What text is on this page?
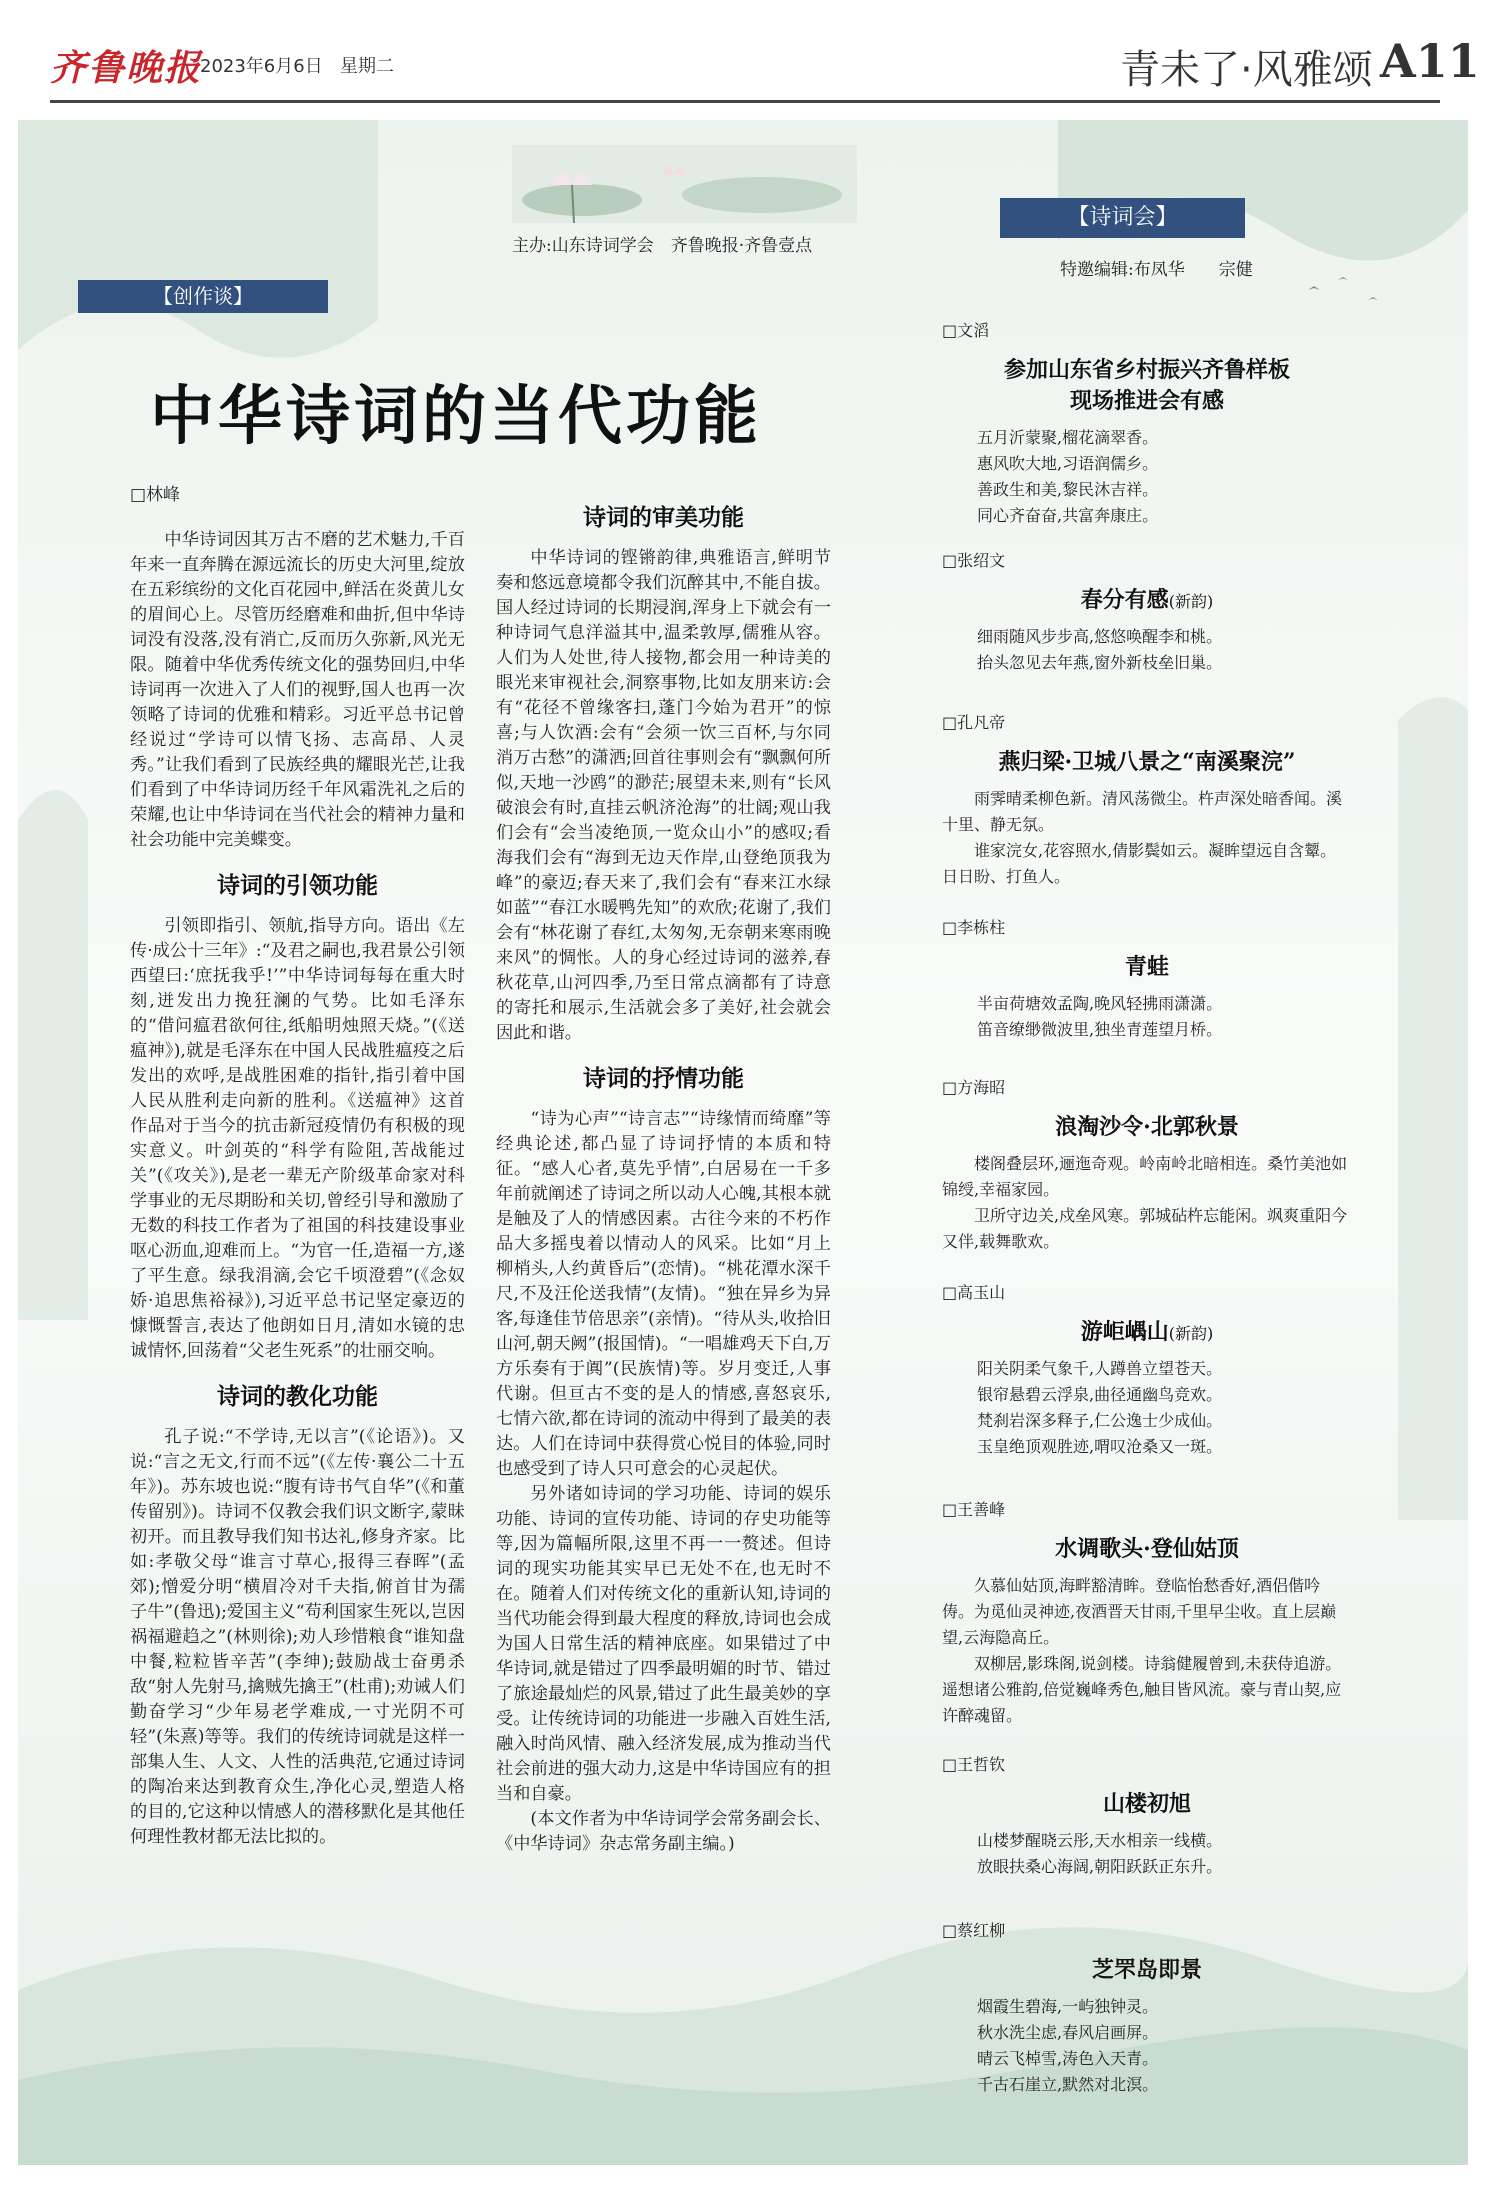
齐鲁晚报
2023年6月6日 星期二	青未了·风雅颂 A11
主办:山东诗词学会　齐鲁晚报·齐鲁壹点
【创作谈】
中华诗词的当代功能
□林峰

中华诗词因其万古不磨的艺术魅力,千百年来一直奔腾在源远流长的历史大河里,绽放在五彩缤纷的文化百花园中,鲜活在炎黄儿女的眉间心上。尽管历经磨难和曲折,但中华诗词没有没落,没有消亡,反而历久弥新,风光无限。随着中华优秀传统文化的强势回归,中华诗词再一次进入了人们的视野,国人也再一次领略了诗词的优雅和精彩。习近平总书记曾经说过“学诗可以情飞扬、志高昂、人灵秀。”让我们看到了民族经典的耀眼光芒,让我们看到了中华诗词历经千年风霜洗礼之后的荣耀,也让中华诗词在当代社会的精神力量和社会功能中完美蝶变。

诗词的引领功能

引领即指引、领航,指导方向。语出《左传·成公十三年》:“及君之嗣也,我君景公引领西望曰:‘庶抚我乎!’”中华诗词每每在重大时刻,迸发出力挽狂澜的气势。比如毛泽东的“借问瘟君欲何往,纸船明烛照天烧。”(《送瘟神》),就是毛泽东在中国人民战胜瘟疫之后发出的欢呼,是战胜困难的指针,指引着中国人民从胜利走向新的胜利。《送瘟神》这首作品对于当今的抗击新冠疫情仍有积极的现实意义。叶剑英的“科学有险阻,苦战能过关”(《攻关》),是老一辈无产阶级革命家对科学事业的无尽期盼和关切,曾经引导和激励了无数的科技工作者为了祖国的科技建设事业呕心沥血,迎难而上。“为官一任,造福一方,遂了平生意。绿我涓滴,会它千顷澄碧”(《念奴娇·追思焦裕禄》),习近平总书记坚定豪迈的慷慨誓言,表达了他朗如日月,清如水镜的忠诚情怀,回荡着“父老生死系”的壮丽交响。

诗词的教化功能

孔子说:“不学诗,无以言”(《论语》)。又说:“言之无文,行而不远”(《左传·襄公二十五年》)。苏东坡也说:“腹有诗书气自华”(《和董传留别》)。诗词不仅教会我们识文断字,蒙昧初开。而且教导我们知书达礼,修身齐家。比如:孝敬父母“谁言寸草心,报得三春晖”(孟郊);憎爱分明“横眉冷对千夫指,俯首甘为孺子牛”(鲁迅);爱国主义“苟利国家生死以,岂因祸福避趋之”(林则徐);劝人珍惜粮食“谁知盘中餐,粒粒皆辛苦”(李绅);鼓励战士奋勇杀敌“射人先射马,擒贼先擒王”(杜甫);劝诫人们勤奋学习“少年易老学难成,一寸光阴不可轻”(朱熹)等等。我们的传统诗词就是这样一部集人生、人文、人性的活典范,它通过诗词的陶冶来达到教育众生,净化心灵,塑造人格的目的,它这种以情感人的潜移默化是其他任何理性教材都无法比拟的。

诗词的审美功能

中华诗词的铿锵韵律,典雅语言,鲜明节奏和悠远意境都令我们沉醉其中,不能自拔。国人经过诗词的长期浸润,浑身上下就会有一种诗词气息洋溢其中,温柔敦厚,儒雅从容。人们为人处世,待人接物,都会用一种诗美的眼光来审视社会,洞察事物,比如友朋来访:会有“花径不曾缘客扫,蓬门今始为君开”的惊喜;与人饮酒:会有“会须一饮三百杯,与尔同消万古愁”的潇洒;回首往事则会有“飘飘何所似,天地一沙鸥”的渺茫;展望未来,则有“长风破浪会有时,直挂云帆济沧海”的壮阔;观山我们会有“会当凌绝顶,一览众山小”的感叹;看海我们会有“海到无边天作岸,山登绝顶我为峰”的豪迈;春天来了,我们会有“春来江水绿如蓝”“春江水暖鸭先知”的欢欣;花谢了,我们会有“林花谢了春红,太匆匆,无奈朝来寒雨晚来风”的惆怅。人的身心经过诗词的滋养,春秋花草,山河四季,乃至日常点滴都有了诗意的寄托和展示,生活就会多了美好,社会就会因此和谐。

诗词的抒情功能

“诗为心声”“诗言志”“诗缘情而绮靡”等经典论述,都凸显了诗词抒情的本质和特征。“感人心者,莫先乎情”,白居易在一千多年前就阐述了诗词之所以动人心魄,其根本就是触及了人的情感因素。古往今来的不朽作品大多摇曳着以情动人的风采。比如“月上柳梢头,人约黄昏后”(恋情)。“桃花潭水深千尺,不及汪伦送我情”(友情)。“独在异乡为异客,每逢佳节倍思亲”(亲情)。“待从头,收拾旧山河,朝天阙”(报国情)。“一唱雄鸡天下白,万方乐奏有于阗”(民族情)等。岁月变迁,人事代谢。但亘古不变的是人的情感,喜怒哀乐,七情六欲,都在诗词的流动中得到了最美的表达。人们在诗词中获得赏心悦目的体验,同时也感受到了诗人只可意会的心灵起伏。

另外诸如诗词的学习功能、诗词的娱乐功能、诗词的宣传功能、诗词的存史功能等等,因为篇幅所限,这里不再一一赘述。但诗词的现实功能其实早已无处不在,也无时不在。随着人们对传统文化的重新认知,诗词的当代功能会得到最大程度的释放,诗词也会成为国人日常生活的精神底座。如果错过了中华诗词,就是错过了四季最明媚的时节、错过了旅途最灿烂的风景,错过了此生最美妙的享受。让传统诗词的功能进一步融入百姓生活,融入时尚风情、融入经济发展,成为推动当代社会前进的强大动力,这是中华诗国应有的担当和自豪。

(本文作者为中华诗词学会常务副会长、《中华诗词》杂志常务副主编。)

【诗词会】
特邀编辑:布凤华　　宗健
□文滔
参加山东省乡村振兴齐鲁样板
现场推进会有感

五月沂蒙聚,榴花滴翠香。

惠风吹大地,习语润儒乡。

善政生和美,黎民沐吉祥。

同心齐奋奋,共富奔康庄。

□张绍文
春分有感(新韵)

细雨随风步步高,悠悠唤醒李和桃。

抬头忽见去年燕,窗外新枝垒旧巢。

□孔凡帝
燕归梁·卫城八景之“南溪聚浣”

雨霁晴柔柳色新。清风荡微尘。杵声深处暗香闻。溪十里、静无氛。

谁家浣女,花容照水,倩影鬓如云。凝眸望远自含颦。日日盼、打鱼人。

□李栋柱
青蛙

半亩荷塘效孟陶,晚风轻拂雨潇潇。

笛音缭缈微波里,独坐青莲望月桥。

□方海昭
浪淘沙令·北郭秋景

楼阁叠层环,逦迤奇观。岭南岭北暗相连。桑竹美池如锦绶,幸福家园。

卫所守边关,戍垒风寒。郭城砧杵忘能闲。飒爽重阳今又伴,载舞歌欢。

□高玉山
游岠嵎山(新韵)

阳关阴柔气象千,人蹲兽立望苍天。

银帘悬碧云浮泉,曲径通幽鸟竞欢。

梵刹岩深多释子,仁公逸士少成仙。

玉皇绝顶观胜迹,喟叹沧桑又一斑。

□王善峰
水调歌头·登仙姑顶

久慕仙姑顶,海畔豁清眸。登临怡愁香好,酒侣偕吟俦。为觅仙灵神迹,夜酒晋天甘雨,千里早尘收。直上层巅望,云海隐高丘。

双柳居,影珠阁,说剑楼。诗翁健履曾到,未获侍追游。遥想诸公雅韵,倍觉巍峰秀色,触目皆风流。豪与青山契,应许醉魂留。

□王哲钦
山楼初旭

山楼梦醒晓云彤,天水相亲一线横。

放眼扶桑心海阔,朝阳跃跃正东升。

□蔡红柳
芝罘岛即景

烟霞生碧海,一屿独钟灵。

秋水洗尘虑,春风启画屏。

晴云飞棹雪,涛色入天青。

千古石崖立,默然对北溟。
